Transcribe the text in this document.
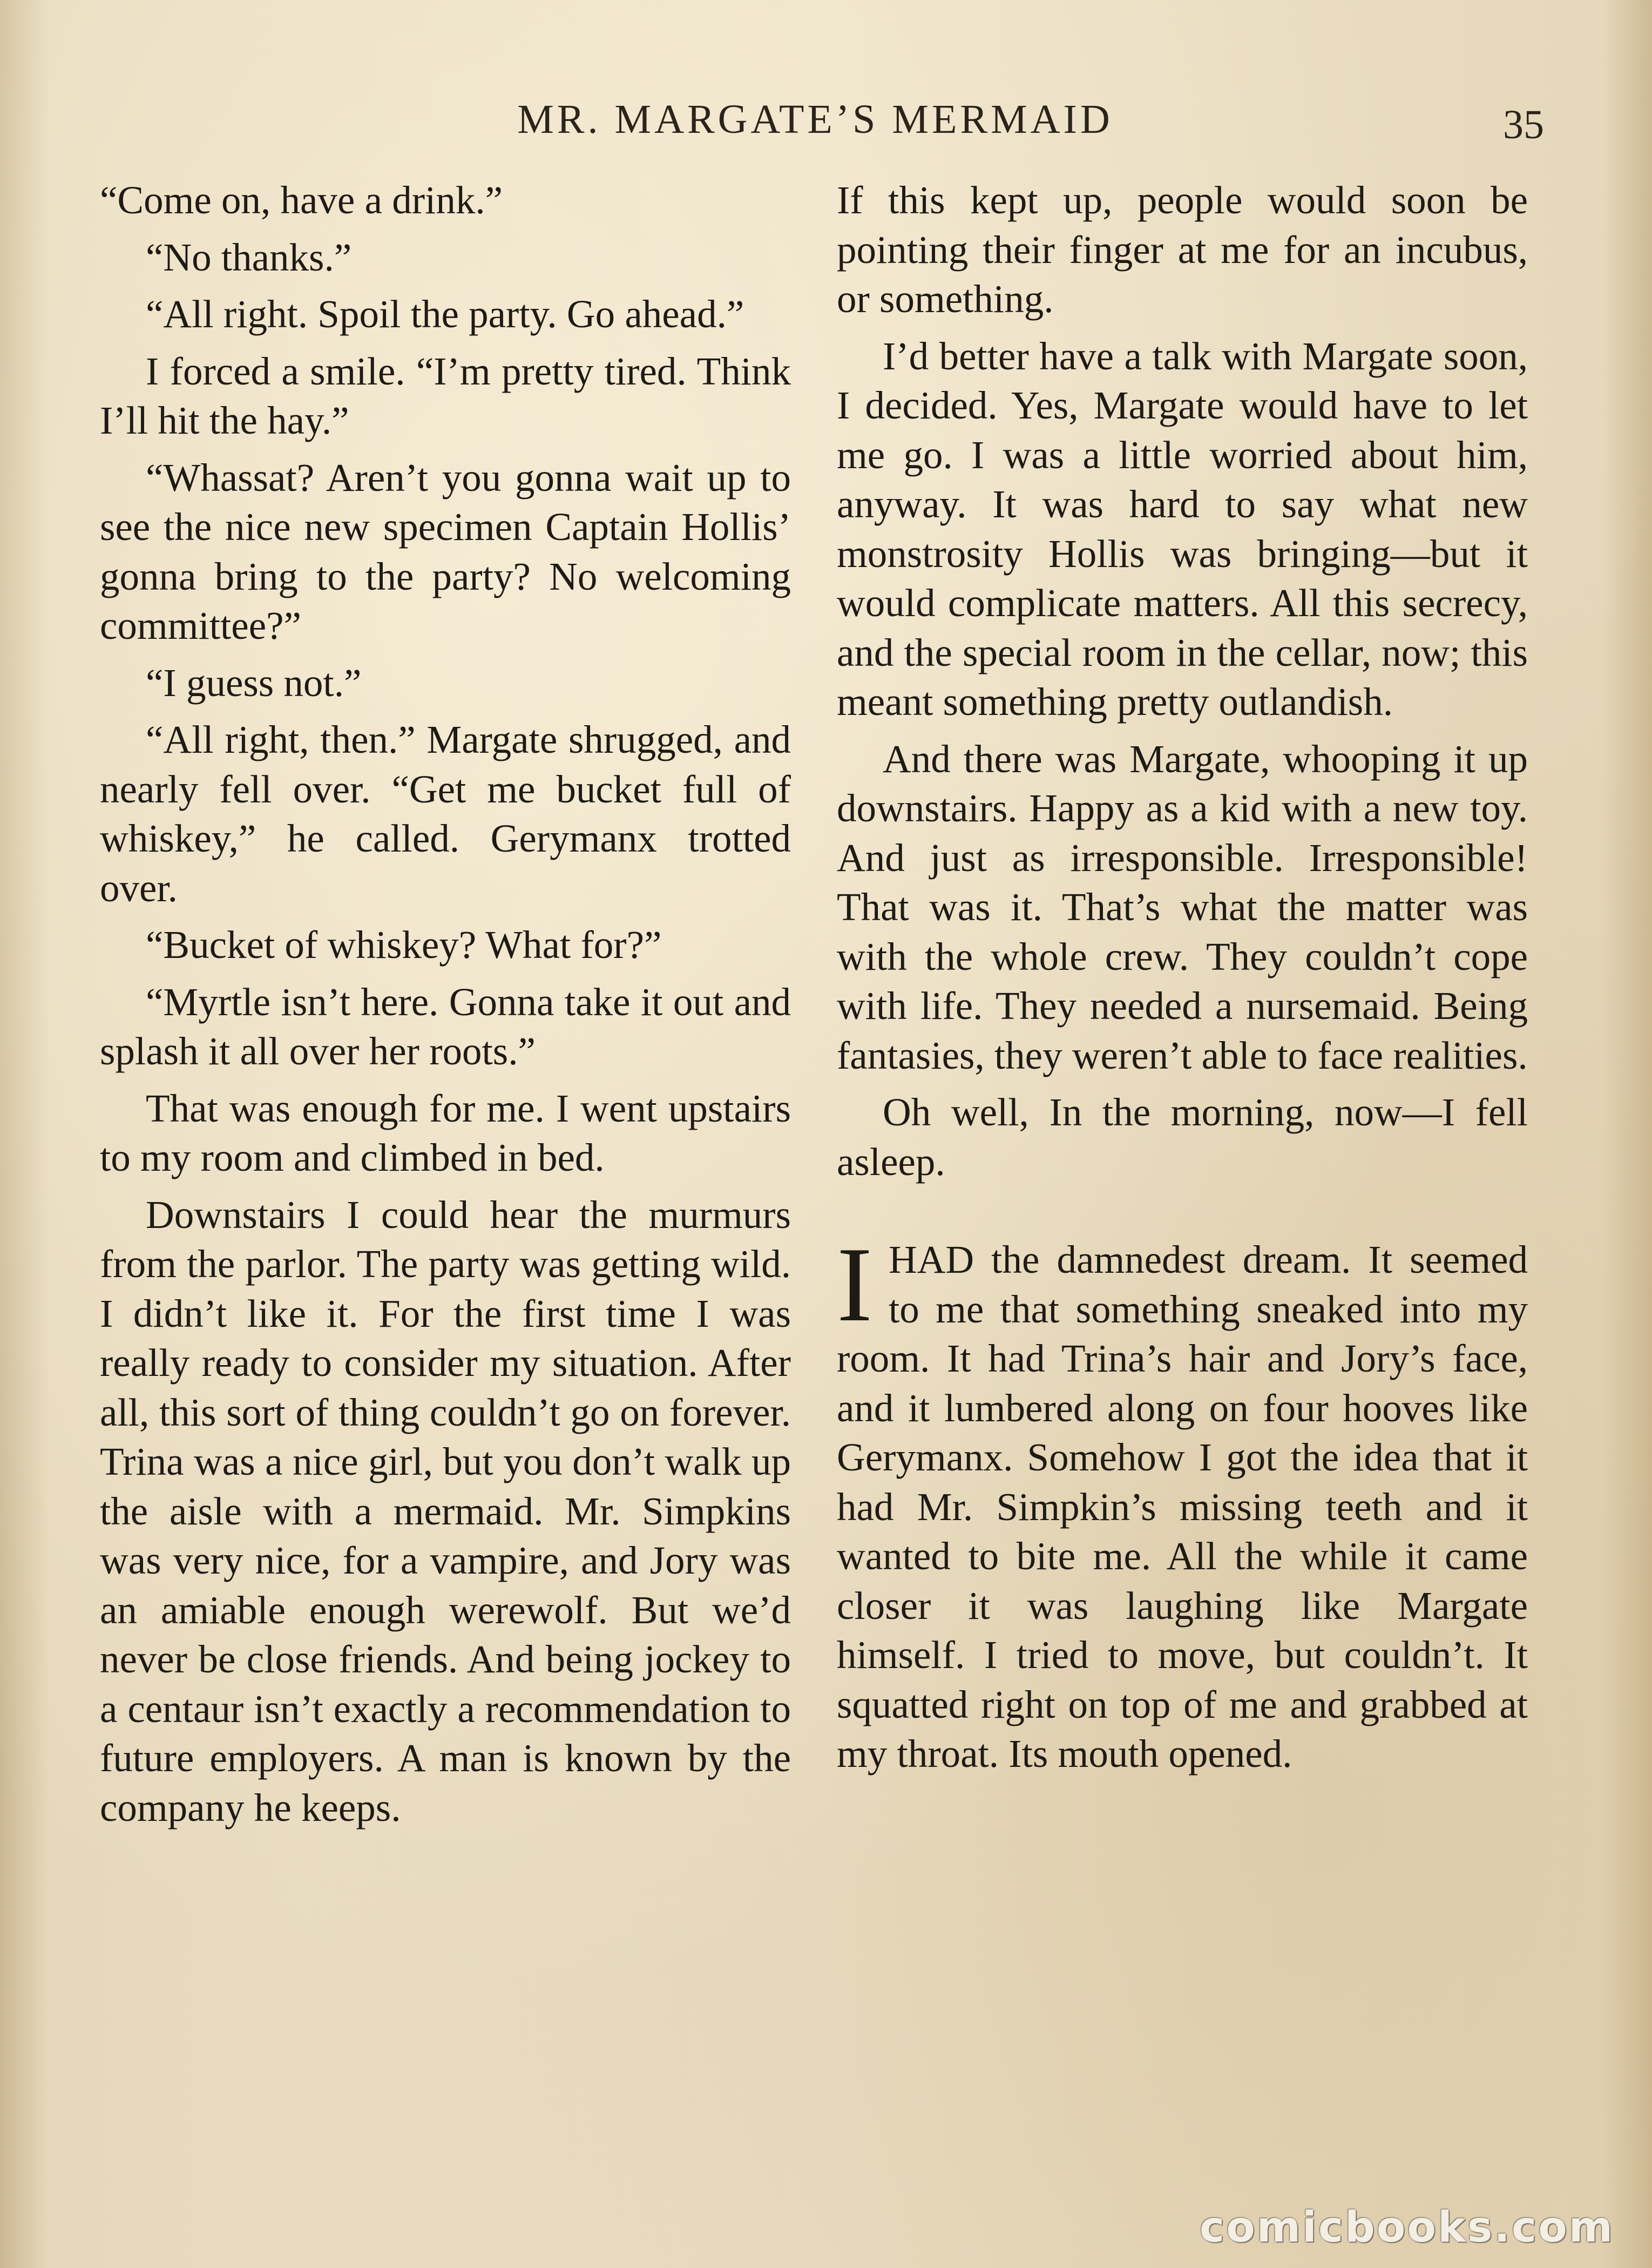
MR. MARGATE’S MERMAID	35

“Come on, have a drink.”

“No thanks.”

“All right. Spoil the party. Go ahead.”

I forced a smile. “I’m pretty tired. Think I’ll hit the hay.”

“Whassat? Aren’t you gonna wait up to see the nice new specimen Captain Hollis’ gonna bring to the party? No welcoming committee?”

“I guess not.”

“All right, then.” Margate shrugged, and nearly fell over. “Get me bucket full of whiskey,” he called. Gerymanx trotted over.

“Bucket of whiskey? What for?”

“Myrtle isn’t here. Gonna take it out and splash it all over her roots.”

That was enough for me. I went upstairs to my room and climbed in bed.

Downstairs I could hear the murmurs from the parlor. The party was getting wild. I didn’t like it. For the first time I was really ready to consider my situation. After all, this sort of thing couldn’t go on forever. Trina was a nice girl, but you don’t walk up the aisle with a mermaid. Mr. Simpkins was very nice, for a vampire, and Jory was an amiable enough werewolf. But we’d never be close friends. And being jockey to a centaur isn’t exactly a recommendation to future employers. A man is known by the company he keeps.

If this kept up, people would soon be pointing their finger at me for an incubus, or something.

I’d better have a talk with Margate soon, I decided. Yes, Margate would have to let me go. I was a little worried about him, anyway. It was hard to say what new monstrosity Hollis was bringing—but it would complicate matters. All this secrecy, and the special room in the cellar, now; this meant something pretty outlandish.

And there was Margate, whooping it up downstairs. Happy as a kid with a new toy. And just as irresponsible. Irresponsible! That was it. That’s what the matter was with the whole crew. They couldn’t cope with life. They needed a nursemaid. Being fantasies, they weren’t able to face realities.

Oh well, In the morning, now—I fell asleep.

IHAD the damnedest dream. It seemed to me that something sneaked into my room. It had Trina’s hair and Jory’s face, and it lumbered along on four hooves like Gerymanx. Somehow I got the idea that it had Mr. Simpkin’s missing teeth and it wanted to bite me. All the while it came closer it was laughing like Margate himself. I tried to move, but couldn’t. It squatted right on top of me and grabbed at my throat. Its mouth opened.

comicbooks.com
